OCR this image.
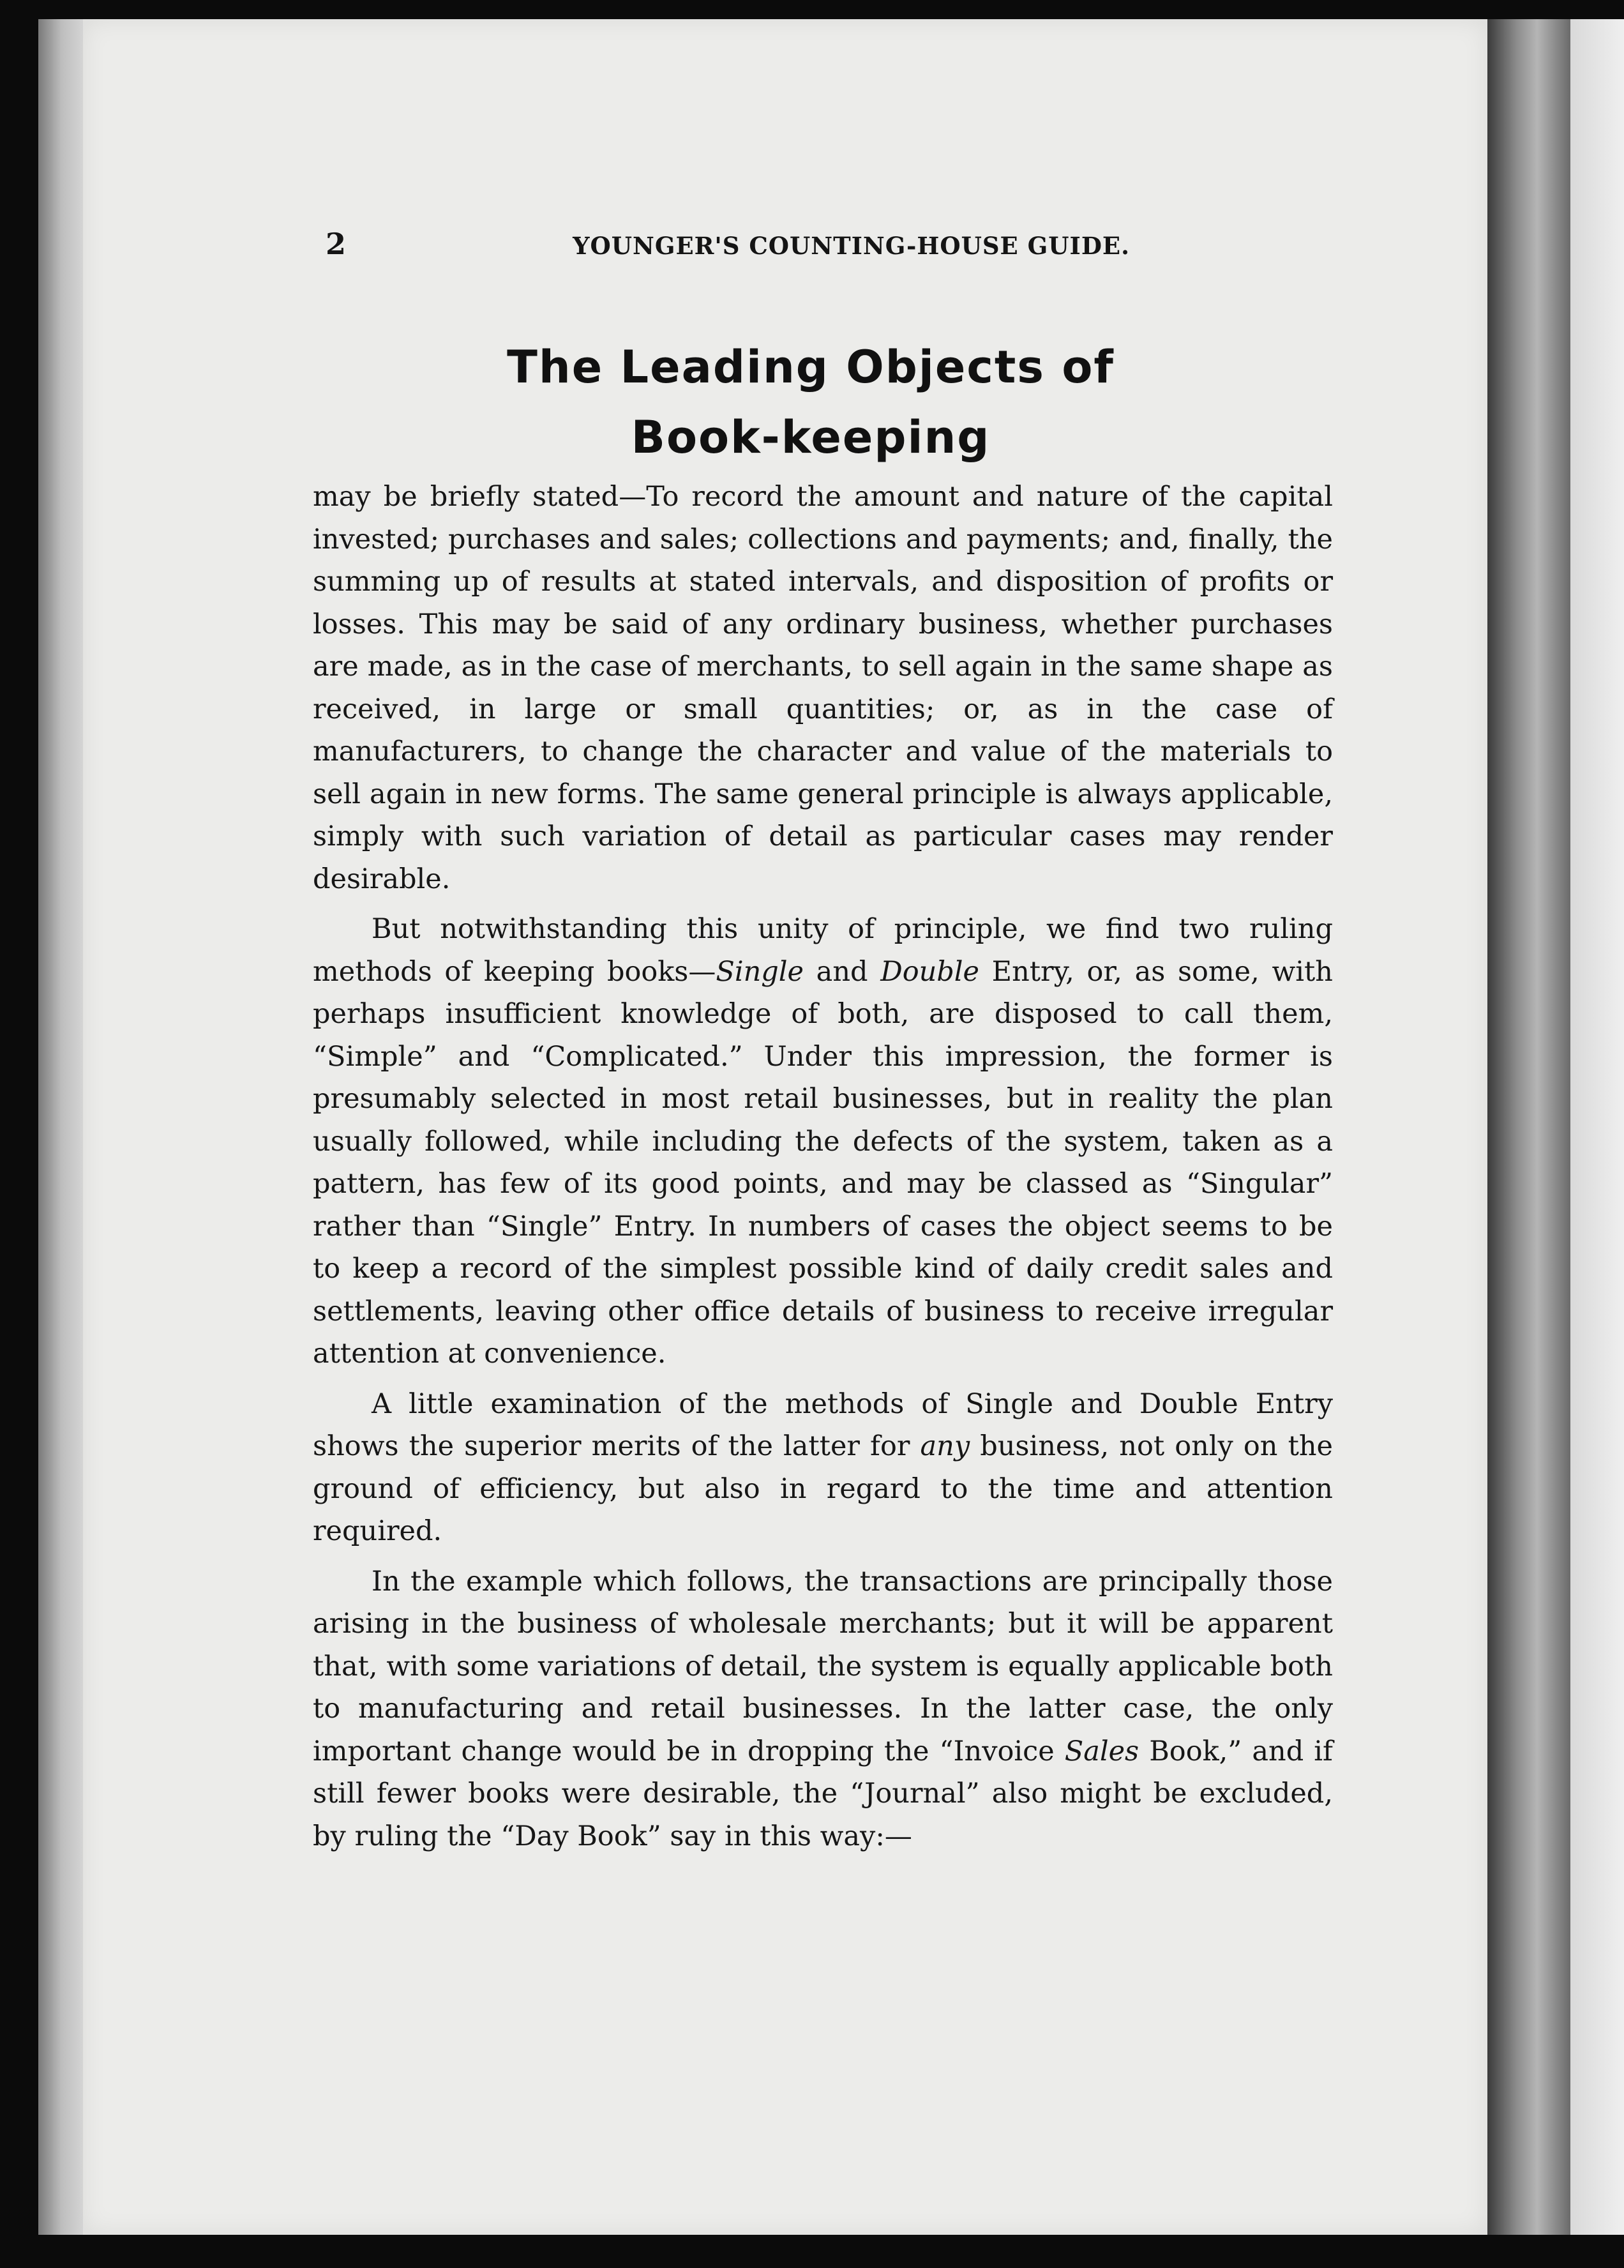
2	YOUNGER'S COUNTING-HOUSE GUIDE.
The Leading Objects of
Book-keeping

may be briefly stated—To record the amount and nature of the capital invested; purchases and sales; collections and payments; and, finally, the summing up of results at stated intervals, and disposition of profits or losses. This may be said of any ordinary business, whether purchases are made, as in the case of merchants, to sell again in the same shape as received, in large or small quantities; or, as in the case of manufacturers, to change the character and value of the materials to sell again in new forms. The same general principle is always applicable, simply with such variation of detail as particular cases may render desirable.

But notwithstanding this unity of principle, we find two ruling methods of keeping books—Single and Double Entry, or, as some, with perhaps insufficient knowledge of both, are disposed to call them, “Simple” and “Complicated.” Under this impression, the former is presumably selected in most retail businesses, but in reality the plan usually followed, while including the defects of the system, taken as a pattern, has few of its good points, and may be classed as “Singular” rather than “Single” Entry. In numbers of cases the object seems to be to keep a record of the simplest possible kind of daily credit sales and settlements, leaving other office details of business to receive irregular attention at convenience.

A little examination of the methods of Single and Double Entry shows the superior merits of the latter for any business, not only on the ground of efficiency, but also in regard to the time and attention required.

In the example which follows, the transactions are principally those arising in the business of wholesale merchants; but it will be apparent that, with some variations of detail, the system is equally applicable both to manufacturing and retail businesses. In the latter case, the only important change would be in dropping the “Invoice Sales Book,” and if still fewer books were desirable, the “Journal” also might be excluded, by ruling the “Day Book” say in this way:—
